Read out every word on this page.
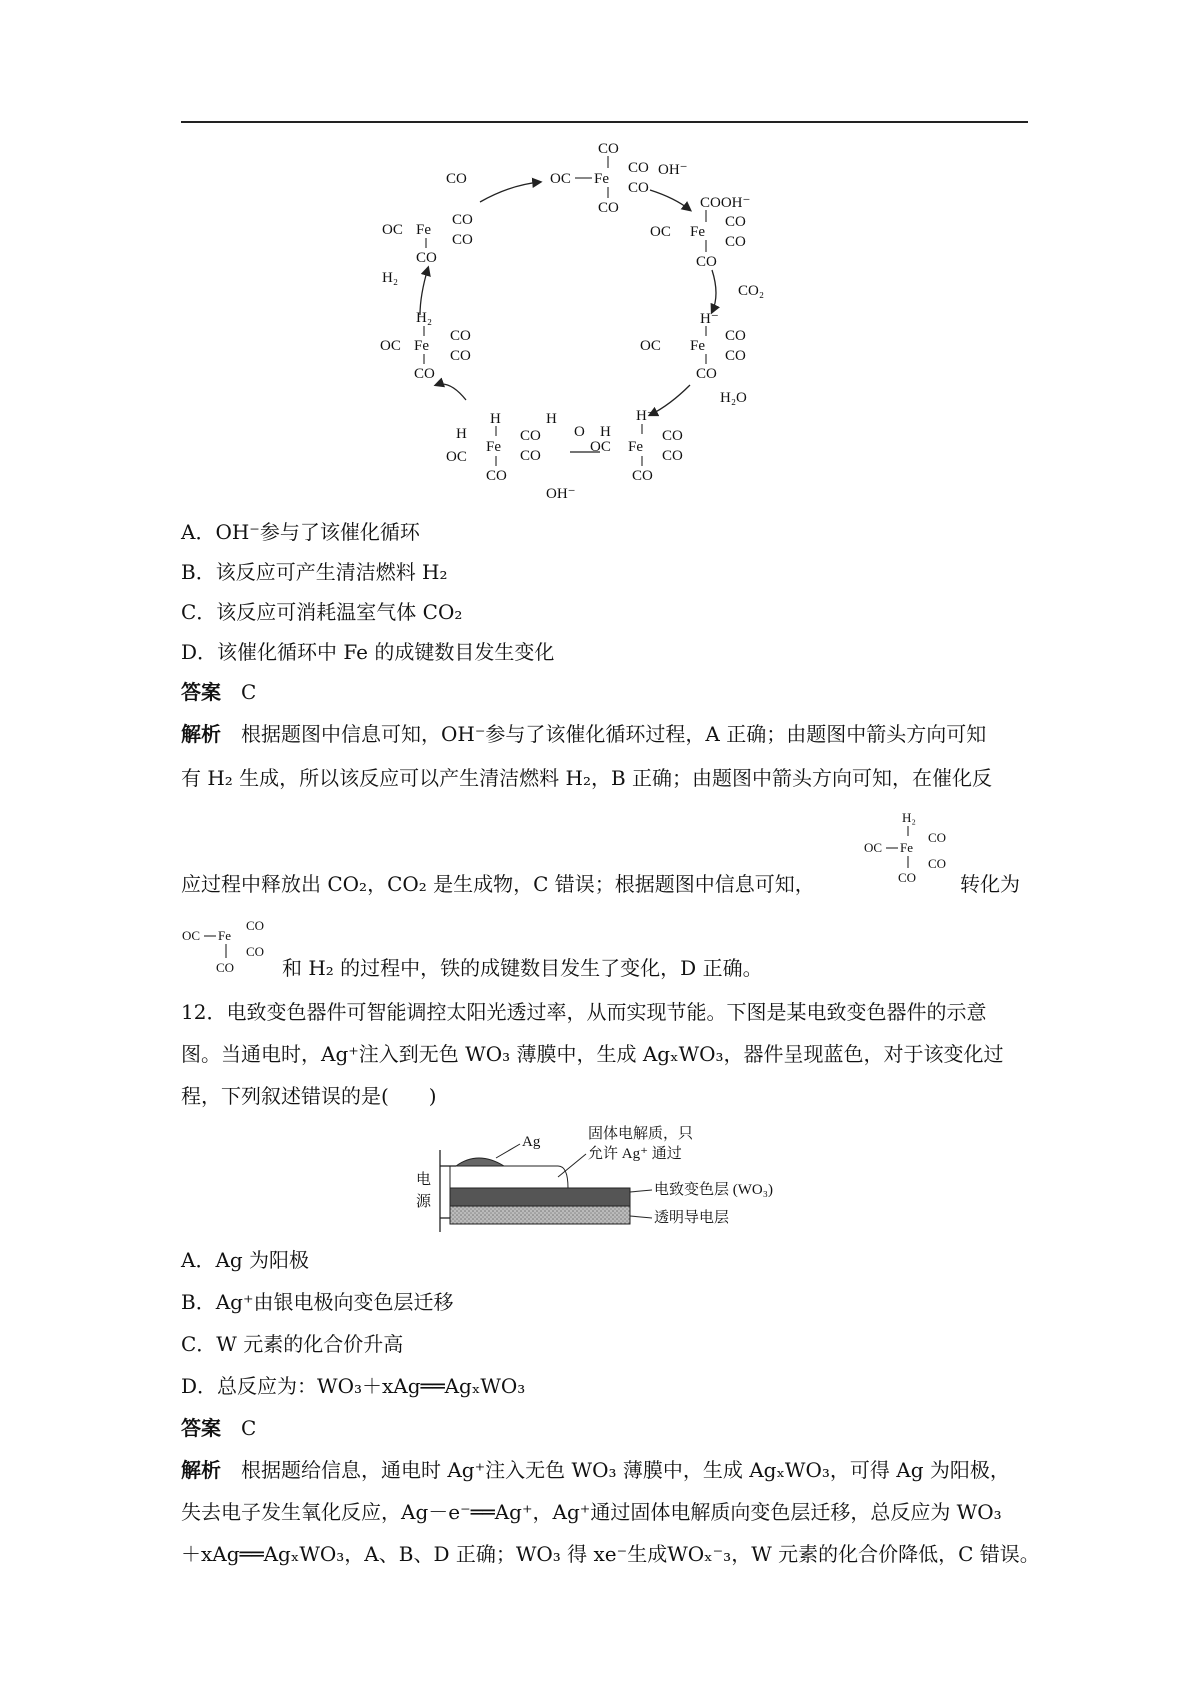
CO
OC Fe
CO
CO
CO
OH⁻
COOH⁻
Fe
OC
CO
CO
CO
CO₂
H⁻
OC Fe
CO
CO
CO
H₂O
H⁻
OC Fe
CO
CO
CO
H
O H
H
H
OC
Fe
CO
CO
CO
OH⁻
H₂
OC Fe
CO
CO
CO
H₂
CO
OC Fe
CO
CO
CO
A．OH⁻参与了该催化循环
B．该反应可产生清洁燃料 H₂
C．该反应可消耗温室气体 CO₂
D．该催化循环中 Fe 的成键数目发生变化
答案 C
解析 根据题图中信息可知，OH⁻参与了该催化循环过程，A 正确；由题图中箭头方向可知
有 H₂ 生成，所以该反应可以产生清洁燃料 H₂，B 正确；由题图中箭头方向可知，在催化反
应过程中释放出 CO₂，CO₂ 是生成物，C 错误；根据题图中信息可知，
H₂
OC Fe
CO
CO
CO 转化为
OC Fe
CO
CO
CO 和 H₂ 的过程中，铁的成键数目发生了变化，D 正确。
12．电致变色器件可智能调控太阳光透过率，从而实现节能。下图是某电致变色器件的示意
图。当通电时，Ag⁺注入到无色 WO₃ 薄膜中，生成 AgₓWO₃，器件呈现蓝色，对于该变化过
程，下列叙述错误的是(　　)
Ag	固体电解质，只
允许 Ag⁺ 通过
电
源
电致变色层 (WO₃)
透明导电层
A．Ag 为阳极
B．Ag⁺由银电极向变色层迁移
C．W 元素的化合价升高
D．总反应为：WO₃＋xAg══AgₓWO₃
答案 C
解析 根据题给信息，通电时 Ag⁺注入无色 WO₃ 薄膜中，生成 AgₓWO₃，可得 Ag 为阳极，
失去电子发生氧化反应，Ag－e⁻══Ag⁺，Ag⁺通过固体电解质向变色层迁移，总反应为 WO₃
＋xAg══AgₓWO₃，A、B、D 正确；WO₃ 得 xe⁻生成WOₓ⁻₃，W 元素的化合价降低，C 错误。
